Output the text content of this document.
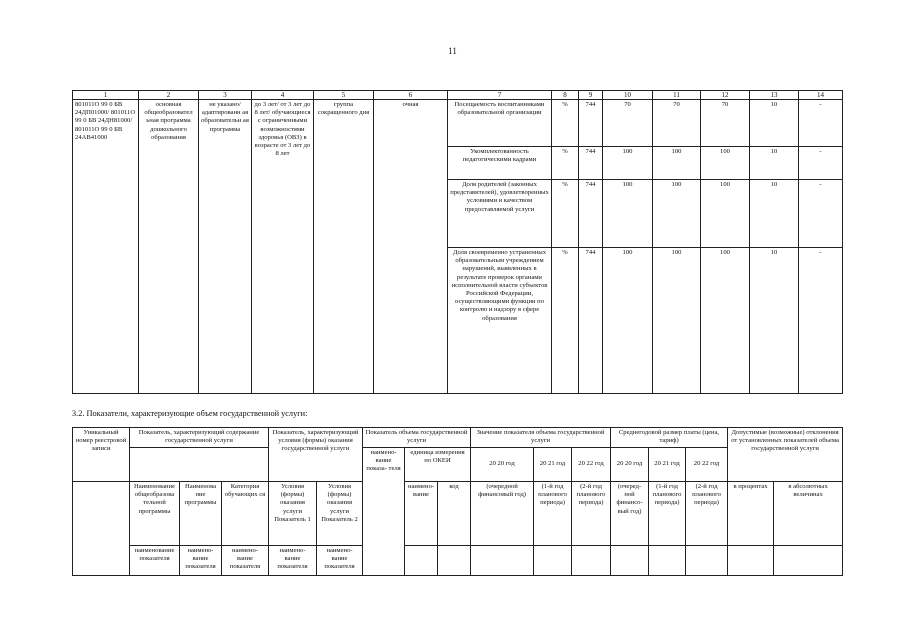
11
1	2	3	4	5	6	7	8	9	10	11	12	13	14
801011О 99 0 БВ 24ДП01000/ 801011О 99 0 БВ 24ДН81000/ 801011О 99 0 БВ 24АВ41000	основная общеобразовател ьная программа дошкольного образования	не указано/ адаптированн ая образовательн ая программа	до 3 лет/ от 3 лет до 8 лет/ обучающиеся с ограниченными возможностями здоровья (ОВЗ) в возрасте от 3 лет до 8 лет	группа сокращенного дня	очная	Посещаемость воспитанниками образовательной организации	%	744	70	70	70	10	-
						Укомплектованность педагогическими кадрами	%	744	100	100	100	10	-
						Доля родителей (законных представителей), удовлетворенных условиями и качеством предоставляемой услуги	%	744	100	100	100	10	-
						Доля своевременно устраненных образовательным учреждением нарушений, выявленных в результате проверок органами исполнительной власти субъектов Российской Федерации, осуществляющими функции по контролю и надзору в сфере образования	%	744	100	100	100	10	-
3.2. Показатели, характеризующие объем государственной услуги:
Уникальный номер реестровой записи	Показатель, характеризующий содержание государственной услуги			Показатель, характеризующий условия (формы) оказания государственной услуги		Показатель объема государственной услуги			Значение показателя объема государственной услуги			Среднегодовой размер платы (цена, тариф)			Допустимые (возможные) отклонения от установленных показателей объема государственной услуги	
						наимено- вание показа- теля	единица измерения по ОКЕИ		20 20 год	20 21 год	20 22 год	20 20 год	20 21 год	20 22 год		
	Наименование общеобразова тельной программы	Наименова ние программы	Категория обучающих ся	Условия (формы) оказания услуги Показатель 1	Условия (формы) оказания услуги Показатель 2		наимено- вание	код	(очередной финансовый год)	(1-й год планового периода)	(2-й год планового периода)	(очеред- ной финансо- вый год)	(1-й год планового периода)	(2-й год планового периода)	в процентах	в абсолютных величинах
	наименование показателя	наимено- вание показателя	наимено- вание показателя	наимено- вание показателя	наимено- вание показателя											
